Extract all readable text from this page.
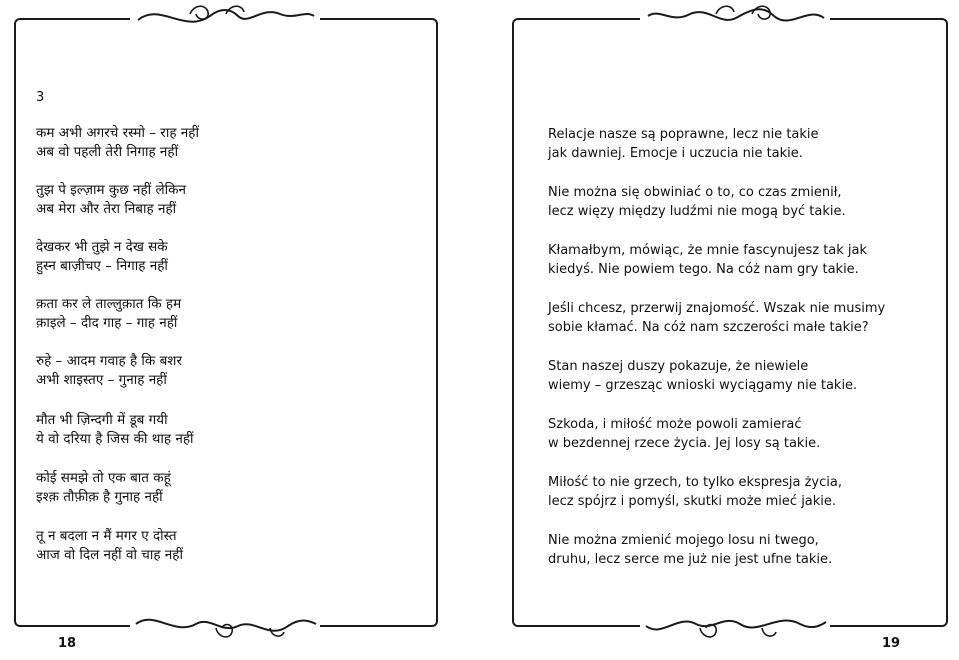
3

कम अभी अगरचे रस्मो – राह नहीं
अब वो पहली तेरी निगाह नहीं

तुझ पे इल्ज़ाम कुछ नहीं लेकिन
अब मेरा और तेरा निबाह नहीं

देखकर भी तुझे न देख सके
हुस्न बाज़ीचए – निगाह नहीं

क़ता कर ले ताल्लुक़ात कि हम
क़ाइले – दीद गाह – गाह नहीं

रुहे – आदम गवाह है कि बशर
अभी शाइस्तए – गुनाह नहीं

मौत भी ज़िन्दगी में डूब गयी
ये वो दरिया है जिस की थाह नहीं

कोई समझे तो एक बात कहूं
इश्क़ तौफ़ीक़ है गुनाह नहीं

तू न बदला न मैं मगर ए दोस्त
आज वो दिल नहीं वो चाह नहीं

Relacje nasze są poprawne, lecz nie takie
jak dawniej. Emocje i uczucia nie takie.

Nie można się obwiniać o to, co czas zmienił,
lecz więzy między ludźmi nie mogą być takie.

Kłamałbym, mówiąc, że mnie fascynujesz tak jak
kiedyś. Nie powiem tego. Na cóż nam gry takie.

Jeśli chcesz, przerwij znajomość. Wszak nie musimy
sobie kłamać. Na cóż nam szczerości małe takie?

Stan naszej duszy pokazuje, że niewiele
wiemy – grzesząc wnioski wyciągamy nie takie.

Szkoda, i miłość może powoli zamierać
w bezdennej rzece życia. Jej losy są takie.

Miłość to nie grzech, to tylko ekspresja życia,
lecz spójrz i pomyśl, skutki może mieć jakie.

Nie można zmienić mojego losu ni twego,
druhu, lecz serce me już nie jest ufne takie.

18	19
